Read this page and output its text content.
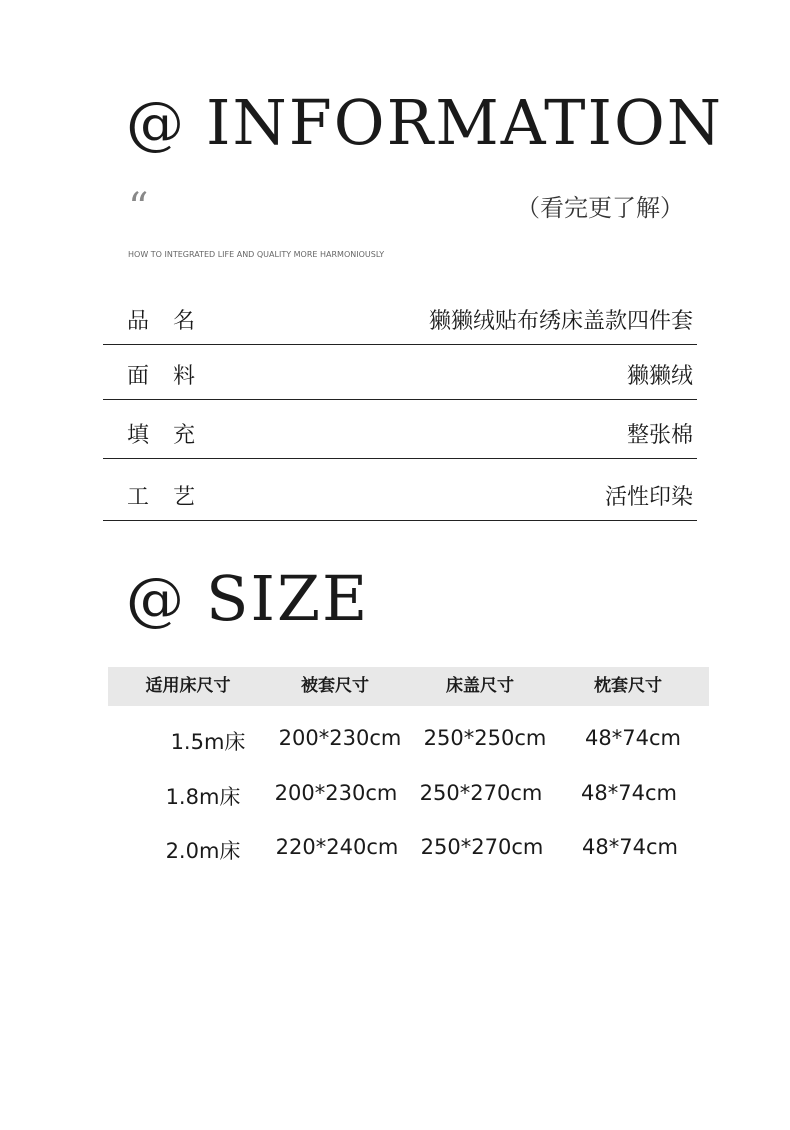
@ INFORMATION
“	（看完更了解）
HOW TO INTEGRATED LIFE AND QUALITY MORE HARMONIOUSLY
品名	獭獭绒贴布绣床盖款四件套
面料	獭獭绒
填充	整张棉
工艺	活性印染
@ SIZE
适用床尺寸	被套尺寸	床盖尺寸	枕套尺寸
1.5m床	200*230cm	250*250cm	48*74cm
1.8m床	200*230cm	250*270cm	48*74cm
2.0m床	220*240cm	250*270cm	48*74cm
